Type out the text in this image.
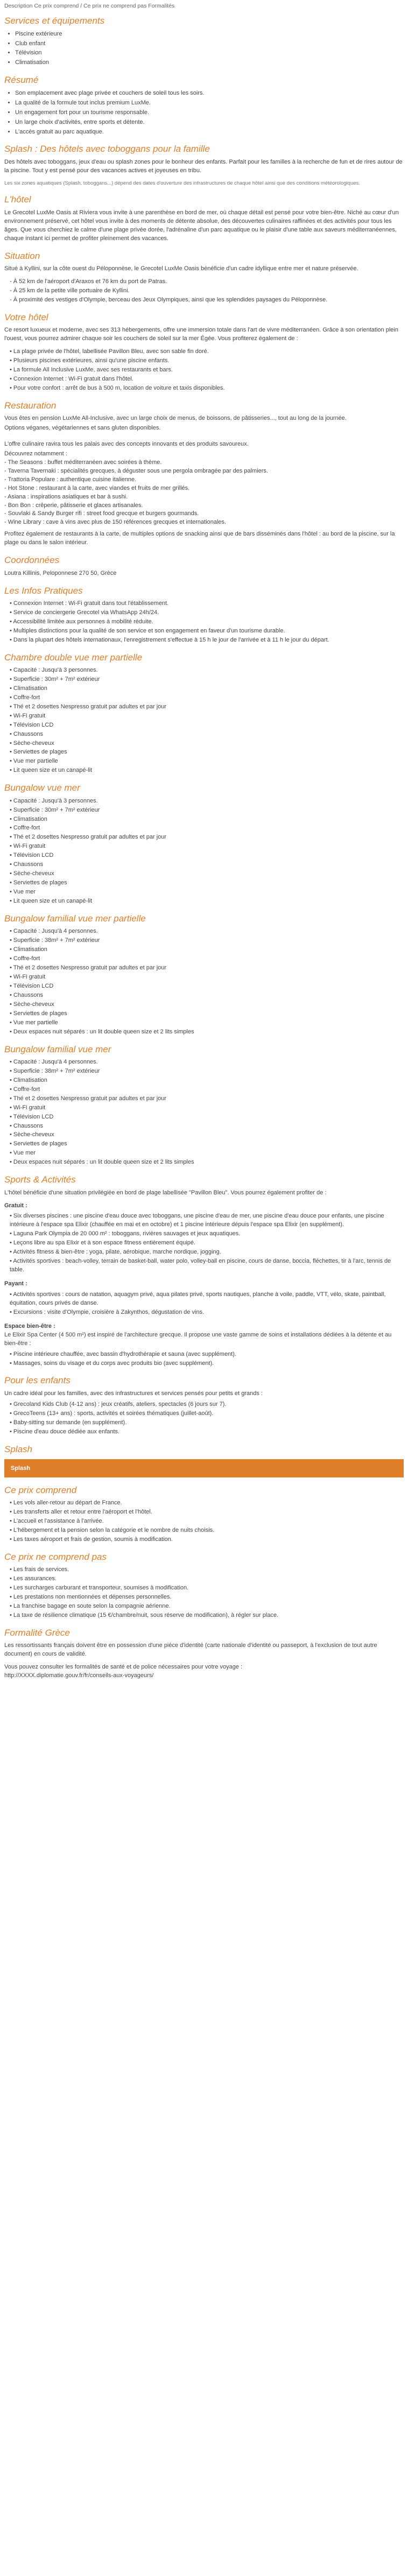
Description Ce prix comprend / Ce prix ne comprend pas Formalités
Services et équipements
• Piscine extérieure
• Club enfant
• Télévision
• Climatisation
Résumé
• Son emplacement avec plage privée et couchers de soleil tous les soirs.
• La qualité de la formule tout inclus premium LuxMe.
• Un engagement fort pour un tourisme responsable.
• Un large choix d'activités, entre sports et détente.
• L'accès gratuit au parc aquatique.
Splash : Des hôtels avec toboggans pour la famille

Des hôtels avec toboggans, jeux d'eau ou splash zones pour le bonheur des enfants. Parfait pour les familles à la recherche de fun et de rires autour de la piscine. Tout y est pensé pour des vacances actives et joyeuses en tribu.

Les six zones aquatiques (Splash, toboggans...) dépend des dates d'ouverture des infrastructures de chaque hôtel ainsi que des conditions météorologiques.

L'hôtel

Le Grecotel LuxMe Oasis at Riviera vous invite à une parenthèse en bord de mer, où chaque détail est pensé pour votre bien-être. Niché au cœur d'un environnement préservé, cet hôtel vous invite à des moments de détente absolue, des découvertes culinaires raffinées et des activités pour tous les âges. Que vous cherchiez le calme d'une plage privée dorée, l'adrénaline d'un parc aquatique ou le plaisir d'une table aux saveurs méditerranéennes, chaque instant ici permet de profiter pleinement des vacances.

Situation

Situé à Kyllini, sur la côte ouest du Péloponnèse, le Grecotel LuxMe Oasis bénéficie d'un cadre idyllique entre mer et nature préservée.

- À 52 km de l'aéroport d'Araxos et 76 km du port de Patras.
- À 25 km de la petite ville portuaire de Kyllini.
- À proximité des vestiges d'Olympie, berceau des Jeux Olympiques, ainsi que les splendides paysages du Péloponnèse.
Votre hôtel

Ce resort luxueux et moderne, avec ses 313 hébergements, offre une immersion totale dans l'art de vivre méditerranéen. Grâce à son orientation plein l'ouest, vous pourrez admirer chaque soir les couchers de soleil sur la mer Égée. Vous profiterez également de :

• La plage privée de l'hôtel, labellisée Pavillon Bleu, avec son sable fin doré.
• Plusieurs piscines extérieures, ainsi qu'une piscine enfants.
• La formule All Inclusive LuxMe, avec ses restaurants et bars.
• Connexion Internet : Wi-Fi gratuit dans l'hôtel.
• Pour votre confort : arrêt de bus à 500 m, location de voiture et taxis disponibles.
Restauration

Vous êtes en pension LuxMe All-Inclusive, avec un large choix de menus, de boissons, de pâtisseries..., tout au long de la journée.

Options véganes, végétariennes et sans gluten disponibles.

L'offre culinaire ravira tous les palais avec des concepts innovants et des produits savoureux.

Découvrez notamment :

- The Seasons : buffet méditerranéen avec soirées à thème.

- Taverna Tavernaki : spécialités grecques, à déguster sous une pergola ombragée par des palmiers.

- Trattoria Populare : authentique cuisine italienne.

- Hot Stone : restaurant à la carte, avec viandes et fruits de mer grillés.

- Asiana : inspirations asiatiques et bar à sushi.

- Bon Bon : crêperie, pâtisserie et glaces artisanales.

- Souvlaki & Sandy Burger rifi : street food grecque et burgers gourmands.

- Wine Library : cave à vins avec plus de 150 références grecques et internationales.

Profitez également de restaurants à la carte, de multiples options de snacking ainsi que de bars disséminés dans l'hôtel : au bord de la piscine, sur la plage ou dans le salon intérieur.

Coordonnées

Loutra Killinis, Peloponnese 270 50, Grèce

Les Infos Pratiques
• Connexion Internet : Wi-Fi gratuit dans tout l'établissement.
• Service de conciergerie Grecotel via WhatsApp 24h/24.
• Accessibilité limitée aux personnes à mobilité réduite.
• Multiples distinctions pour la qualité de son service et son engagement en faveur d'un tourisme durable.
• Dans la plupart des hôtels internationaux, l'enregistrement s'effectue à 15 h le jour de l'arrivée et à 11 h le jour du départ.
Chambre double vue mer partielle
• Capacité : Jusqu'à 3 personnes.
• Superficie : 30m² + 7m² extérieur
• Climatisation
• Coffre-fort
• Thé et 2 dosettes Nespresso gratuit par adultes et par jour
• Wi-Fi gratuit
• Télévision LCD
• Chaussons
• Sèche-cheveux
• Serviettes de plages
• Vue mer partielle
• Lit queen size et un canapé-lit
Bungalow vue mer
• Capacité : Jusqu'à 3 personnes.
• Superficie : 30m² + 7m² extérieur
• Climatisation
• Coffre-fort
• Thé et 2 dosettes Nespresso gratuit par adultes et par jour
• Wi-Fi gratuit
• Télévision LCD
• Chaussons
• Sèche-cheveux
• Serviettes de plages
• Vue mer
• Lit queen size et un canapé-lit
Bungalow familial vue mer partielle
• Capacité : Jusqu'à 4 personnes.
• Superficie : 38m² + 7m² extérieur
• Climatisation
• Coffre-fort
• Thé et 2 dosettes Nespresso gratuit par adultes et par jour
• Wi-Fi gratuit
• Télévision LCD
• Chaussons
• Sèche-cheveux
• Serviettes de plages
• Vue mer partielle
• Deux espaces nuit séparés : un lit double queen size et 2 lits simples
Bungalow familial vue mer
• Capacité : Jusqu'à 4 personnes.
• Superficie : 38m² + 7m² extérieur
• Climatisation
• Coffre-fort
• Thé et 2 dosettes Nespresso gratuit par adultes et par jour
• Wi-Fi gratuit
• Télévision LCD
• Chaussons
• Sèche-cheveux
• Serviettes de plages
• Vue mer
• Deux espaces nuit séparés : un lit double queen size et 2 lits simples
Sports & Activités

L'hôtel bénéficie d'une situation privilégiée en bord de plage labellisée "Pavillon Bleu". Vous pourrez également profiter de :

Gratuit :

• Six diverses piscines : une piscine d'eau douce avec toboggans, une piscine d'eau de mer, une piscine d'eau douce pour enfants, une piscine intérieure à l'espace spa Elixir (chauffée en mai et en octobre) et 1 piscine intérieure dépuis l'espace spa Elixir (en supplément).
• Laguna Park Olympia de 20 000 m² : toboggans, rivières sauvages et jeux aquatiques.
• Leçons libre au spa Elixir et à son espace fitness entièrement équipé.
• Activités fitness & bien-être : yoga, pilate, aérobique, marche nordique, jogging.
• Activités sportives : beach-volley, terrain de basket-ball, water polo, volley-ball en piscine, cours de danse, boccia, fléchettes, tir à l'arc, tennis de table.

Payant :

• Activités sportives : cours de natation, aquagym privé, aqua pilates privé, sports nautiques, planche à voile, paddle, VTT, vélo, skate, paintball, équitation, cours privés de danse.
• Excursions : visite d'Olympie, croisière à Zakynthos, dégustation de vins.

Espace bien-être :

Le Elixir Spa Center (4 500 m²) est inspiré de l'architecture grecque. Il propose une vaste gamme de soins et installations dédiées à la détente et au bien-être :

• Piscine intérieure chauffée, avec bassin d'hydrothérapie et sauna (avec supplément).
• Massages, soins du visage et du corps avec produits bio (avec supplément).
Pour les enfants

Un cadre idéal pour les familles, avec des infrastructures et services pensés pour petits et grands :

• Grecoland Kids Club (4-12 ans) : jeux créatifs, ateliers, spectacles (6 jours sur 7).
• GrecoTeens (13+ ans) : sports, activités et soirées thématiques (juillet-août).
• Baby-sitting sur demande (en supplément).
• Piscine d'eau douce dédiée aux enfants.
Splash
Splash
Ce prix comprend
• Les vols aller-retour au départ de France.
• Les transferts aller et retour entre l'aéroport et l'hôtel.
• L'accueil et l'assistance à l'arrivée.
• L'hébergement et la pension selon la catégorie et le nombre de nuits choisis.
• Les taxes aéroport et frais de gestion, soumis à modification.
Ce prix ne comprend pas
• Les frais de services.
• Les assurances.
• Les surcharges carburant et transporteur, soumises à modification.
• Les prestations non mentionnées et dépenses personnelles.
• La franchise bagage en soute selon la compagnie aérienne.
• La taxe de résilience climatique (15 €/chambre/nuit, sous réserve de modification), à régler sur place.
Formalité Grèce

Les ressortissants français doivent être en possession d'une pièce d'identité (carte nationale d'identité ou passeport, à l'exclusion de tout autre document) en cours de validité.

Vous pouvez consulter les formalités de santé et de police nécessaires pour votre voyage :

http://XXXX.diplomatie.gouv.fr/fr/conseils-aux-voyageurs/
